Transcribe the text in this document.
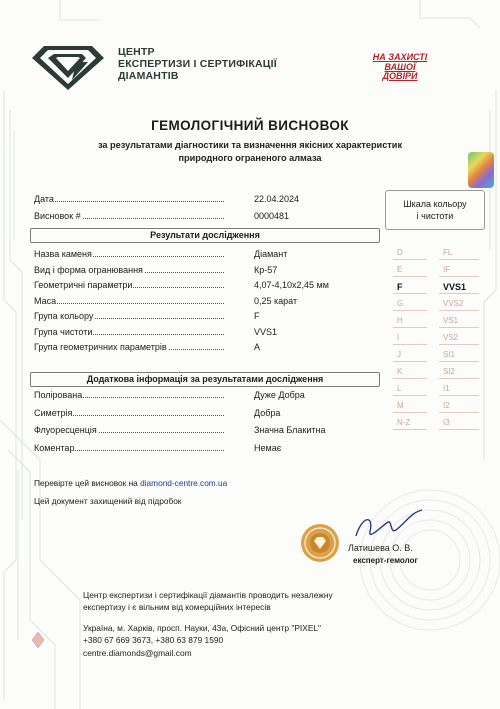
ЦЕНТР
ЕКСПЕРТИЗИ І СЕРТИФІКАЦІЇ
ДІАМАНТІВ
НА ЗАХИСТІ
ВАШОЇ
ДОВІРИ
ГЕМОЛОГІЧНИЙ ВИСНОВОК
за результатами діагностики та визначення якісних характеристик
природного ограненого алмаза
Дата	22.04.2024
Висновок #	0000481
Результати дослідження
Назва каменя	Діамант
Вид і форма огранювання	Кр-57
Геометричні параметри	4,07-4,10х2,45 мм
Маса	0,25 карат
Група кольору	F
Група чистоти	VVS1
Група геометричних параметрів	А
Додаткова інформація за результатами дослідження
Полірована	Дуже Добра
Симетрія	Добра
Флуоресценція	Значна Блакитна
Коментар	Немає
Шкала кольору
і чистоти
D	FL
E	IF
F	VVS1
G	VVS2
H	VS1
I	VS2
J	SI1
K	SI2
L	I1
M	I2
N-Z	I3
Перевірте цей висновок на diamond-centre.com.ua
Цей документ захищений від підробок
Латишева О. В.
експерт-гемолог
Центр експертизи і сертифікації діамантів проводить незалежну
експертизу і є вільним від комерційних інтересів
Україна, м. Харків, просп. Науки, 43а, Офісний центр "PIXEL"
+380 67 669 3673, +380 63 879 1590
centre.diamonds@gmail.com
